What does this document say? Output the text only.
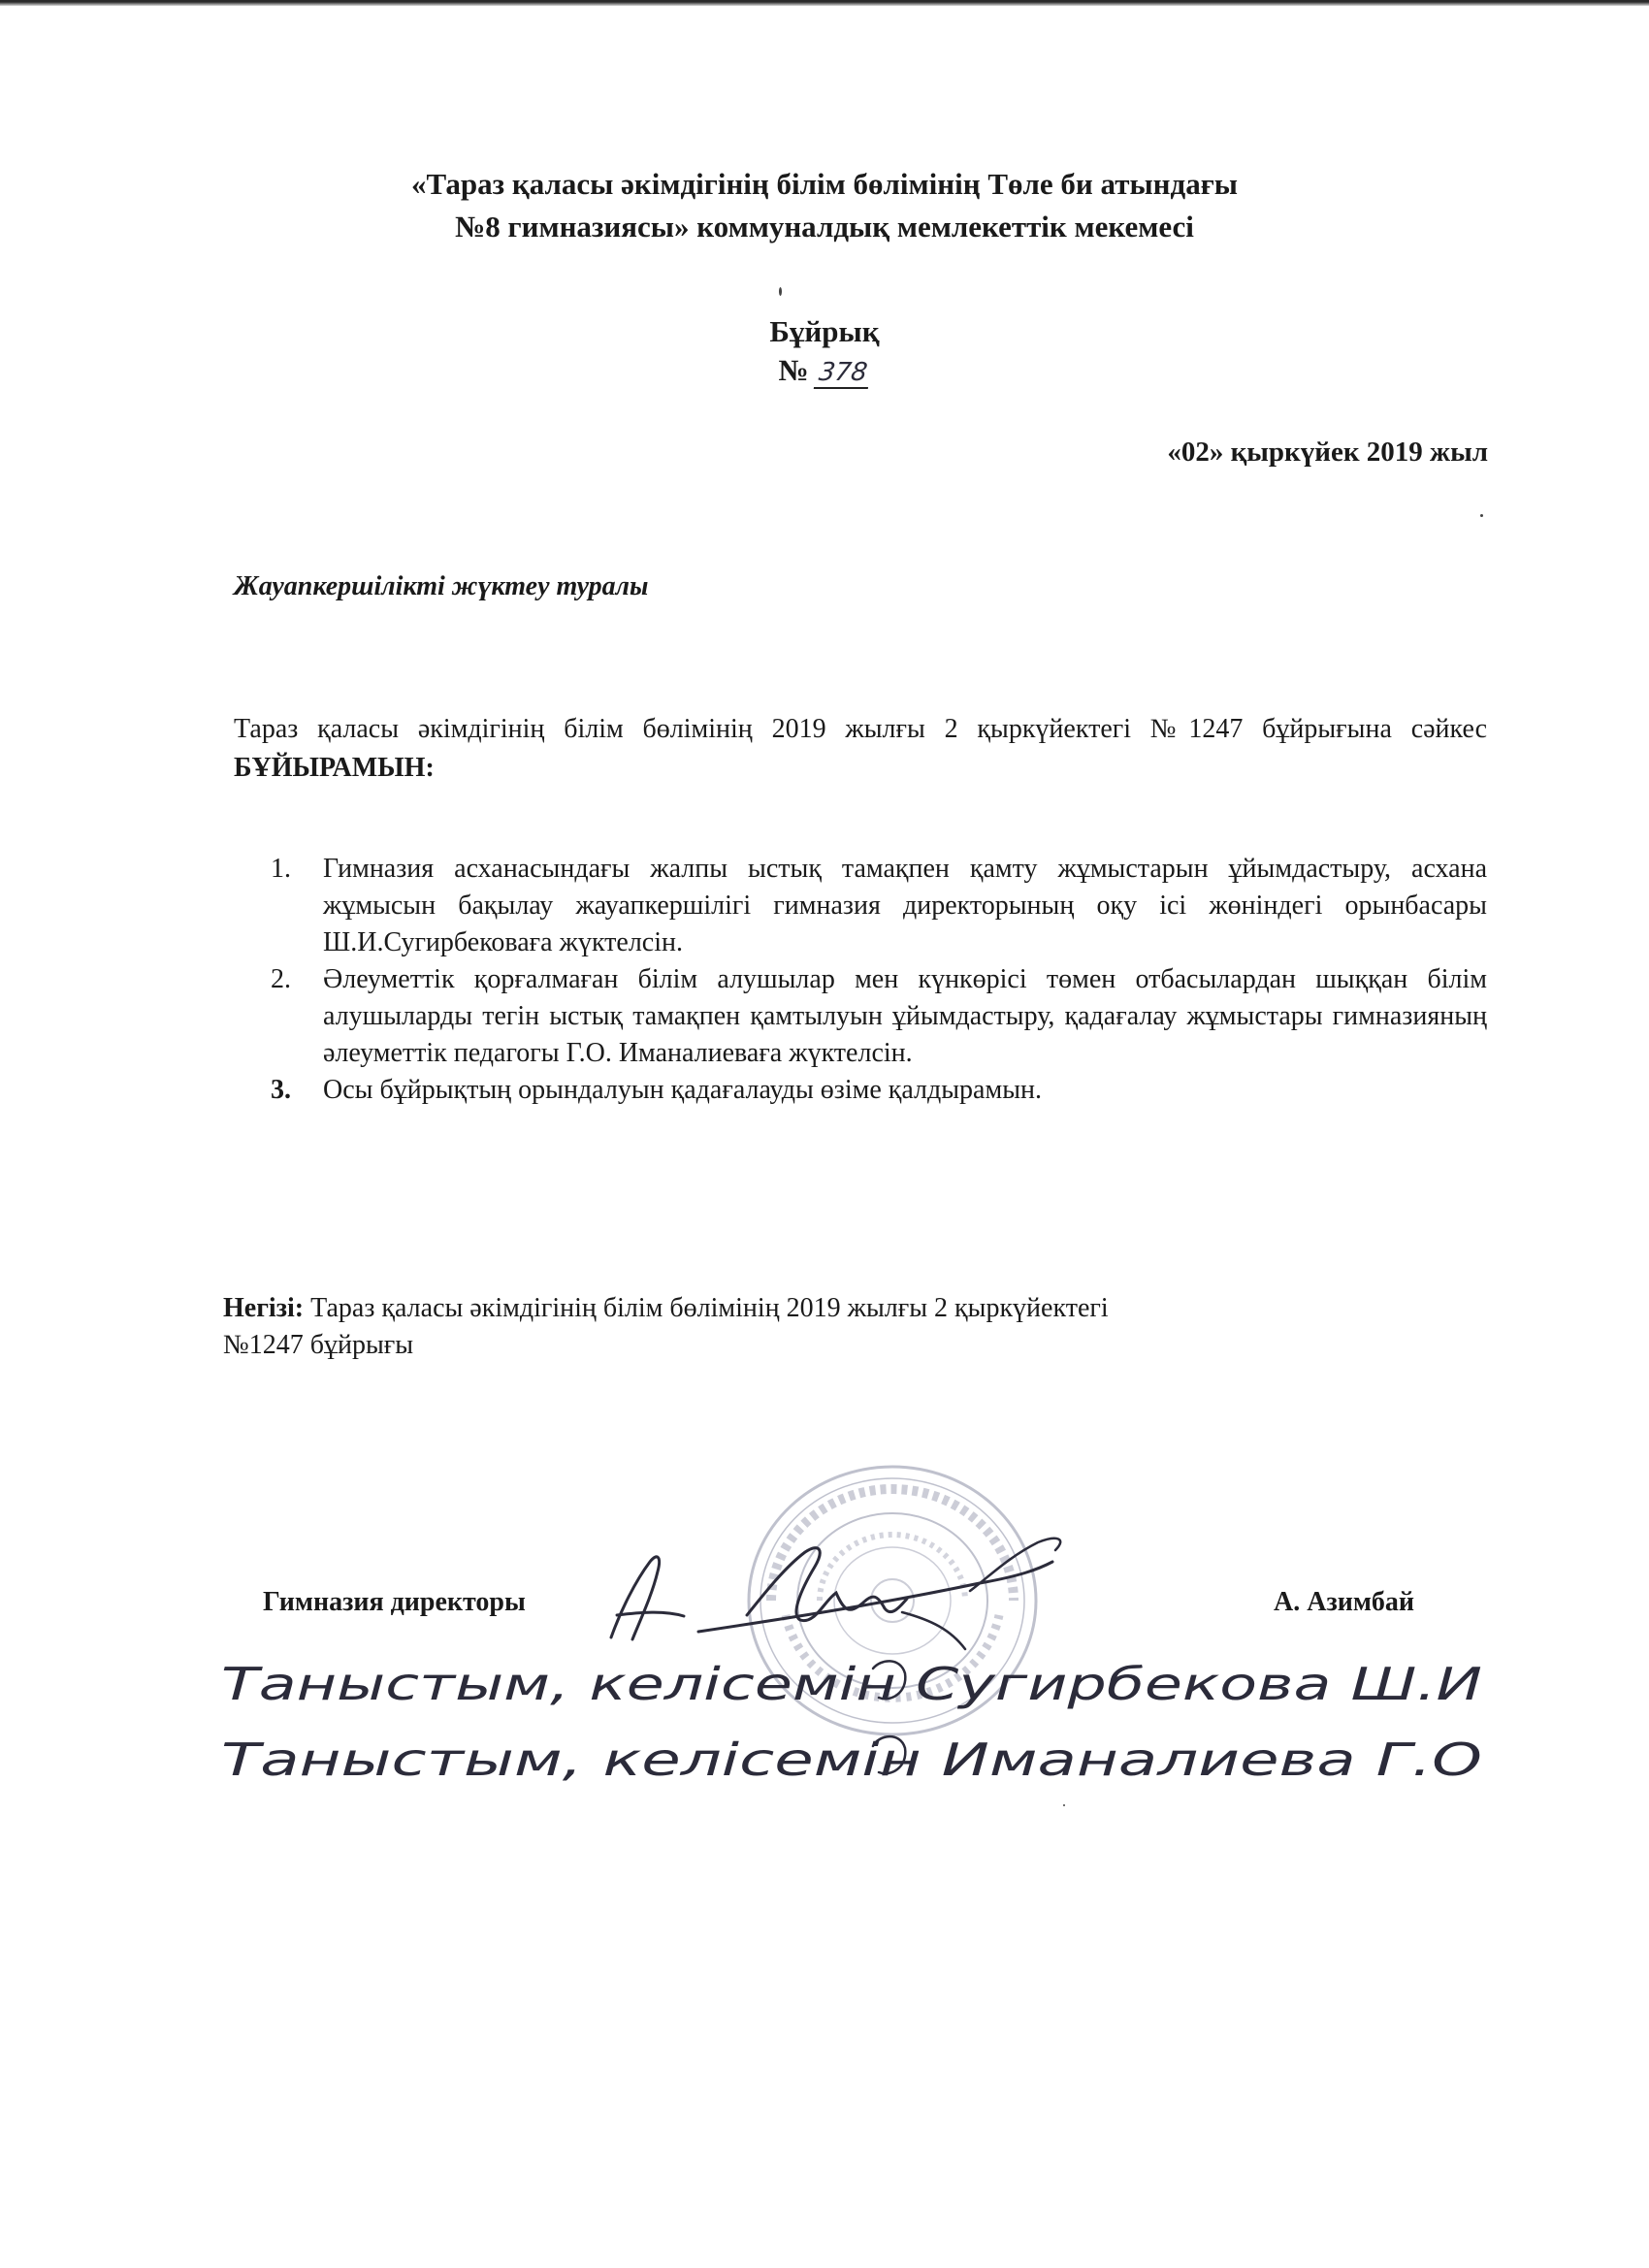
«Тараз қаласы әкімдігінің білім бөлімінің Төле би атындағы
№8 гимназиясы» коммуналдық мемлекеттік мекемесі
Бұйрық
№ 378
«02» қыркүйек 2019 жыл
Жауапкершілікті жүктеу туралы
Тараз қаласы әкімдігінің білім бөлімінің 2019 жылғы 2 қыркүйектегі №1247 бұйрығына сәйкес БҰЙЫРАМЫН:
1. Гимназия асханасындағы жалпы ыстық тамақпен қамту жұмыстарын ұйымдастыру, асхана жұмысын бақылау жауапкершілігі гимназия директорының оқу ісі жөніндегі орынбасары Ш.И.Сугирбековаға жүктелсін.
2. Әлеуметтік қорғалмаған білім алушылар мен күнкөрісі төмен отбасылардан шыққан білім алушыларды тегін ыстық тамақпен қамтылуын ұйымдастыру, қадағалау жұмыстары гимназияның әлеуметтік педагогы Г.О. Иманалиеваға жүктелсін.
3. Осы бұйрықтың орындалуын қадағалауды өзіме қалдырамын.
Негізі: Тараз қаласы әкімдігінің білім бөлімінің 2019 жылғы 2 қыркүйектегі
№1247 бұйрығы
Гимназия директоры	А. Азимбай
Таныстым, келісемін Сугирбекова Ш.И
Таныстым, келісемін Иманалиева Г.О
